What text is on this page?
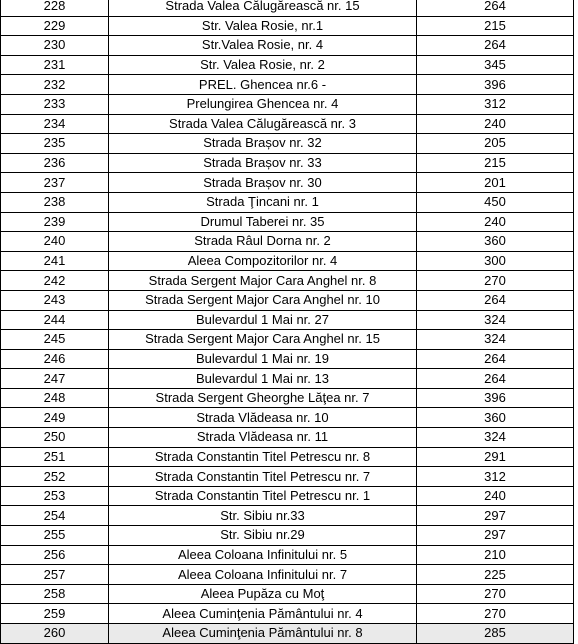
228	Strada Valea Călugărească nr. 15	264
229	Str. Valea Rosie, nr.1	215
230	Str.Valea Rosie, nr. 4	264
231	Str. Valea Rosie, nr. 2	345
232	PREL. Ghencea nr.6 -	396
233	Prelungirea Ghencea nr. 4	312
234	Strada Valea Călugărească nr. 3	240
235	Strada Brașov nr. 32	205
236	Strada Brașov nr. 33	215
237	Strada Brașov nr. 30	201
238	Strada Ţincani nr. 1	450
239	Drumul Taberei nr. 35	240
240	Strada Râul Dorna nr. 2	360
241	Aleea Compozitorilor nr. 4	300
242	Strada Sergent Major Cara Anghel nr. 8	270
243	Strada Sergent Major Cara Anghel nr. 10	264
244	Bulevardul 1 Mai nr. 27	324
245	Strada Sergent Major Cara Anghel nr. 15	324
246	Bulevardul 1 Mai nr. 19	264
247	Bulevardul 1 Mai nr. 13	264
248	Strada Sergent Gheorghe Lăţea nr. 7	396
249	Strada Vlădeasa nr. 10	360
250	Strada Vlădeasa nr. 11	324
251	Strada Constantin Titel Petrescu nr. 8	291
252	Strada Constantin Titel Petrescu nr. 7	312
253	Strada Constantin Titel Petrescu nr. 1	240
254	Str. Sibiu nr.33	297
255	Str. Sibiu nr.29	297
256	Aleea Coloana Infinitului nr. 5	210
257	Aleea Coloana Infinitului nr. 7	225
258	Aleea Pupăza cu Moţ	270
259	Aleea Cuminţenia Pământului nr. 4	270
260	Aleea Cuminţenia Pământului nr. 8	285
